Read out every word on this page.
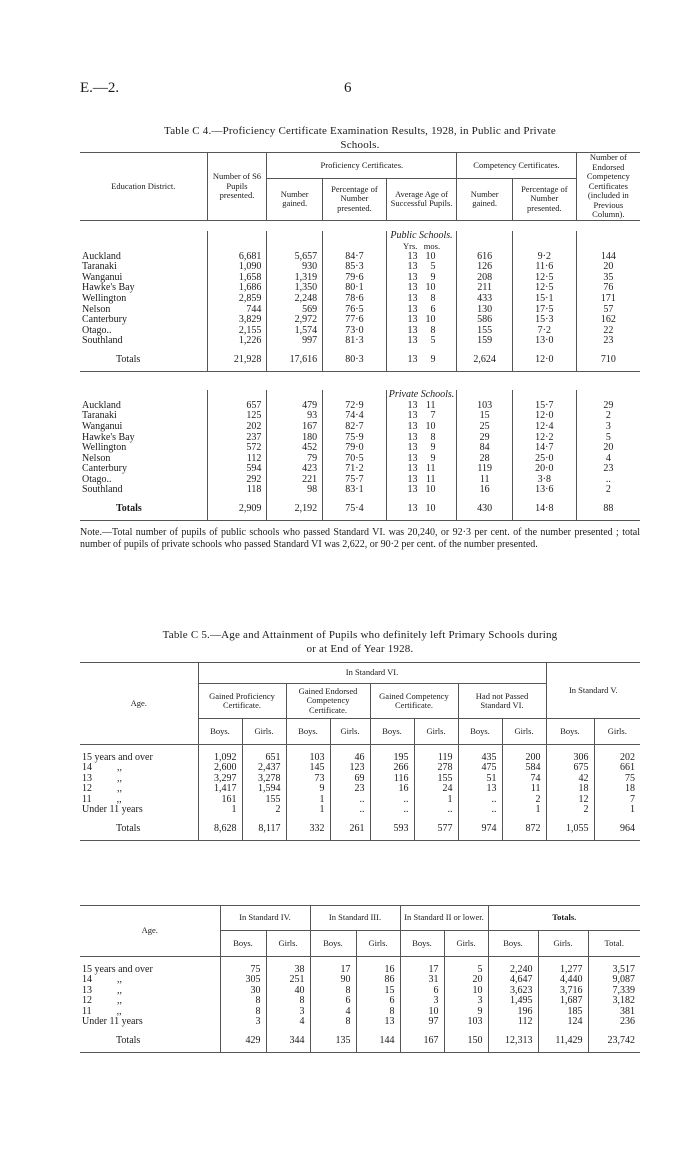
E.—2.	6
Table C 4.—Proficiency Certificate Examination Results, 1928, in Public and Private
Schools.
Education District.	Number of S6 Pupils presented.	Proficiency Certificates.			Competency Certificates.		Number of Endorsed Competency Certificates (included in Previous Column).
		Number gained.	Percentage of Number presented.	Average Age of Successful Pupils.	Number gained.	Percentage of Number presented.	

				Public Schools.			
				Yrs. mos.			
Auckland	6,681	5,657	84·7	13 10	616	9·2	144
Taranaki	1,090	930	85·3	13 5	126	11·6	20
Wanganui	1,658	1,319	79·6	13 9	208	12·5	35
Hawke's Bay	1,686	1,350	80·1	13 10	211	12·5	76
Wellington	2,859	2,248	78·6	13 8	433	15·1	171
Nelson	744	569	76·5	13 6	130	17·5	57
Canterbury	3,829	2,972	77·6	13 10	586	15·3	162
Otago..	2,155	1,574	73·0	13 8	155	7·2	22
Southland	1,226	997	81·3	13 5	159	13·0	23

Totals	21,928	17,616	80·3	13 9	2,624	12·0	710

				Private Schools.			
Auckland	657	479	72·9	13 11	103	15·7	29
Taranaki	125	93	74·4	13 7	15	12·0	2
Wanganui	202	167	82·7	13 10	25	12·4	3
Hawke's Bay	237	180	75·9	13 8	29	12·2	5
Wellington	572	452	79·0	13 9	84	14·7	20
Nelson	112	79	70·5	13 9	28	25·0	4
Canterbury	594	423	71·2	13 11	119	20·0	23
Otago..	292	221	75·7	13 11	11	3·8	..
Southland	118	98	83·1	13 10	16	13·6	2

Totals	2,909	2,192	75·4	13 10	430	14·8	88

Note.—Total number of pupils of public schools who passed Standard VI. was 20,240, or 92·3 per cent. of the number presented ; total number of pupils of private schools who passed Standard VI was 2,622, or 90·2 per cent. of the number presented.
Table C 5.—Age and Attainment of Pupils who definitely left Primary Schools during
or at End of Year 1928.
Age.	In Standard VI.								In Standard V.	
	Gained Proficiency Certificate.		Gained Endorsed Competency Certificate.		Gained Competency Certificate.		Had not Passed Standard VI.			
	Boys.	Girls.	Boys.	Girls.	Boys.	Girls.	Boys.	Girls.	Boys.	Girls.

15 years and over	1,092	651	103	46	195	119	435	200	306	202
14          ,,	2,600	2,437	145	123	266	278	475	584	675	661
13          ,,	3,297	3,278	73	69	116	155	51	74	42	75
12          ,,	1,417	1,594	9	23	16	24	13	11	18	18
11          ,,	161	155	1	..	..	1	..	2	12	7
Under 11 years	1	2	1	..	..	..	..	1	2	1

Totals	8,628	8,117	332	261	593	577	974	872	1,055	964

Age.	In Standard IV.		In Standard III.		In Standard II or lower.		Totals.		
	Boys.	Girls.	Boys.	Girls.	Boys.	Girls.	Boys.	Girls.	Total.

15 years and over	75	38	17	16	17	5	2,240	1,277	3,517
14          ,,	305	251	90	86	31	20	4,647	4,440	9,087
13          ,,	30	40	8	15	6	10	3,623	3,716	7,339
12          ,,	8	8	6	6	3	3	1,495	1,687	3,182
11          ,,	8	3	4	8	10	9	196	185	381
Under 11 years	3	4	8	13	97	103	112	124	236

Totals	429	344	135	144	167	150	12,313	11,429	23,742
